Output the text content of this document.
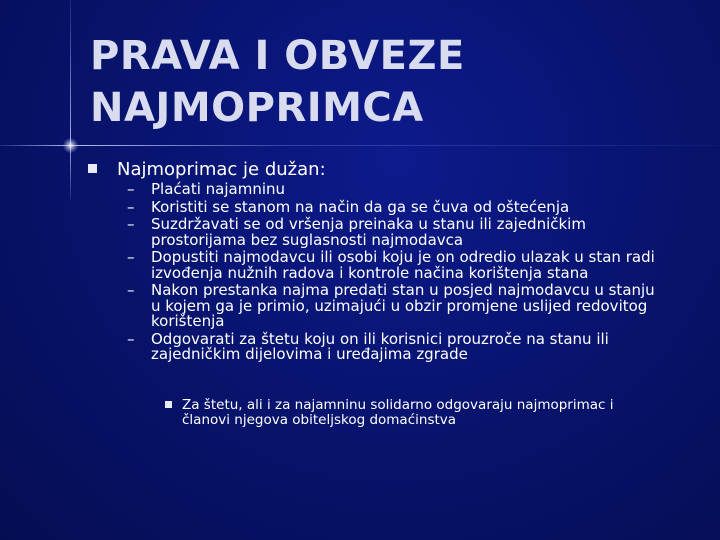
PRAVA I OBVEZE NAJMOPRIMCA
Najmoprimac je dužan:
–	Plaćati najamninu
–	Koristiti se stanom na način da ga se čuva od oštećenja
–	Suzdržavati se od vršenja preinaka u stanu ili zajedničkim prostorijama bez suglasnosti najmodavca
–	Dopustiti najmodavcu ili osobi koju je on odredio ulazak u stan radi izvođenja nužnih radova i kontrole načina korištenja stana
–	Nakon prestanka najma predati stan u posjed najmodavcu u stanju u kojem ga je primio, uzimajući u obzir promjene uslijed redovitog korištenja
–	Odgovarati za štetu koju on ili korisnici prouzroče na stanu ili zajedničkim dijelovima i uređajima zgrade
Za štetu, ali i za najamninu solidarno odgovaraju najmoprimac i članovi njegova obiteljskog domaćinstva
